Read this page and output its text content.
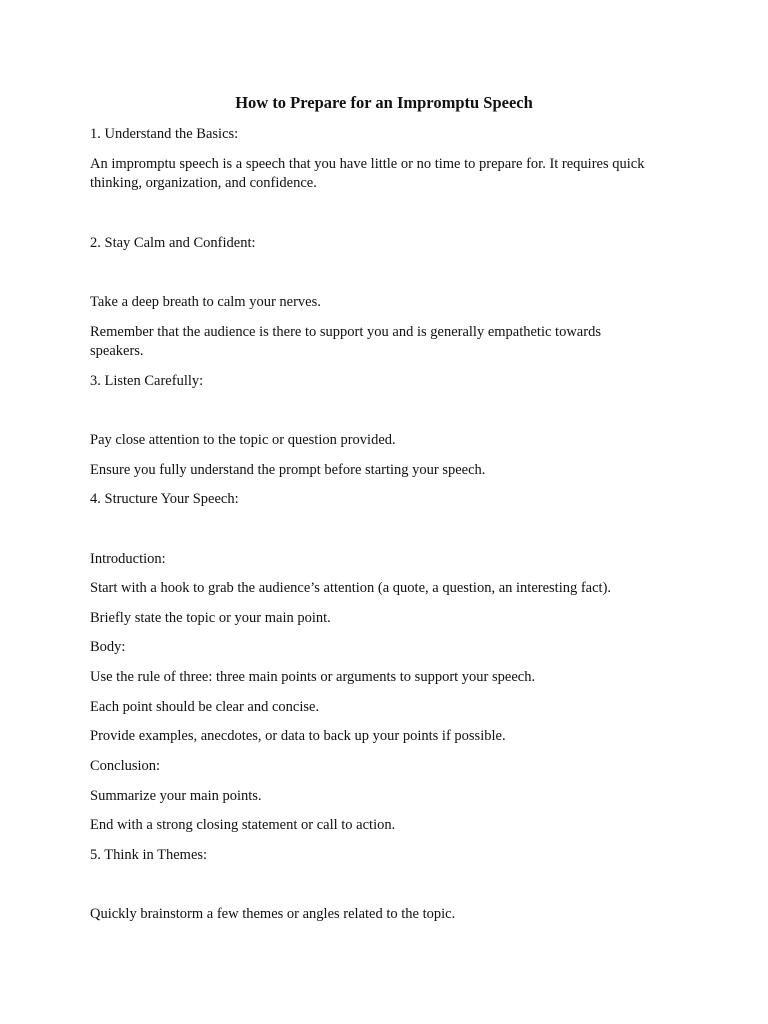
How to Prepare for an Impromptu Speech
1. Understand the Basics:
An impromptu speech is a speech that you have little or no time to prepare for. It requires quick
thinking, organization, and confidence.
2. Stay Calm and Confident:
Take a deep breath to calm your nerves.
Remember that the audience is there to support you and is generally empathetic towards
speakers.
3. Listen Carefully:
Pay close attention to the topic or question provided.
Ensure you fully understand the prompt before starting your speech.
4. Structure Your Speech:
Introduction:
Start with a hook to grab the audience’s attention (a quote, a question, an interesting fact).
Briefly state the topic or your main point.
Body:
Use the rule of three: three main points or arguments to support your speech.
Each point should be clear and concise.
Provide examples, anecdotes, or data to back up your points if possible.
Conclusion:
Summarize your main points.
End with a strong closing statement or call to action.
5. Think in Themes:
Quickly brainstorm a few themes or angles related to the topic.
